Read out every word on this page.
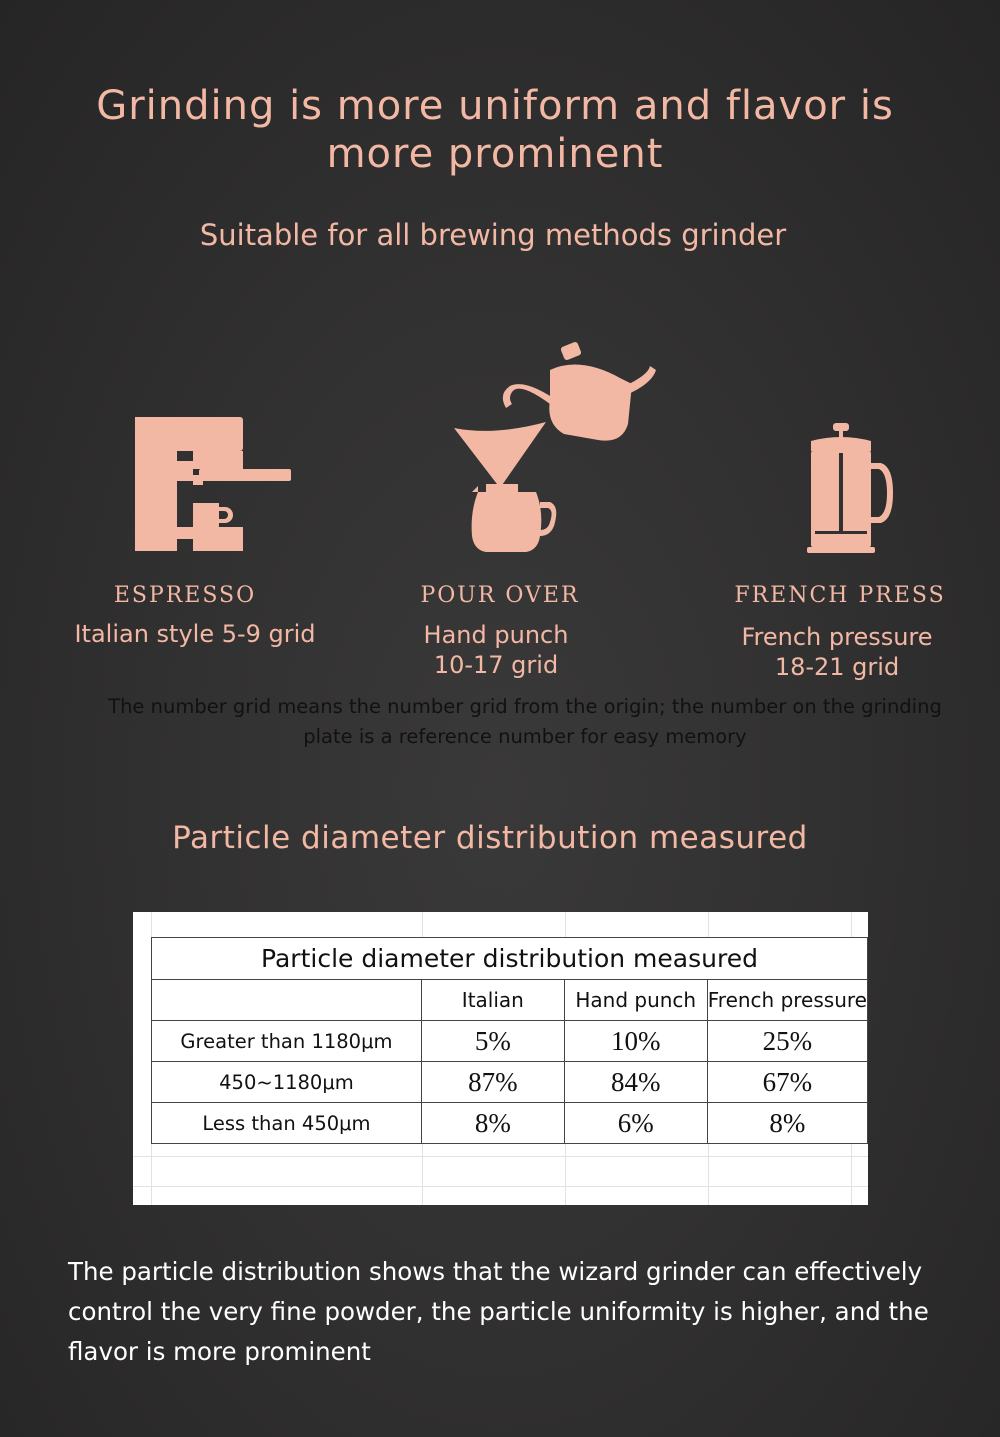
Grinding is more uniform and flavor is more prominent

Suitable for all brewing methods grinder

ESPRESSO	POUR OVER	FRENCH PRESS
Italian style 5-9 grid	Hand punch
10-17 grid
French pressure
18-21 grid
The number grid means the number grid from the origin; the number on the grinding plate is a reference number for easy memory
Particle diameter distribution measured
Particle diameter distribution measured			
	Italian	Hand punch	French pressure
Greater than 1180μm	5%	10%	25%
450~1180μm	87%	84%	67%
Less than 450μm	8%	6%	8%

The particle distribution shows that the wizard grinder can effectively control the very fine powder, the particle uniformity is higher, and the flavor is more prominent
